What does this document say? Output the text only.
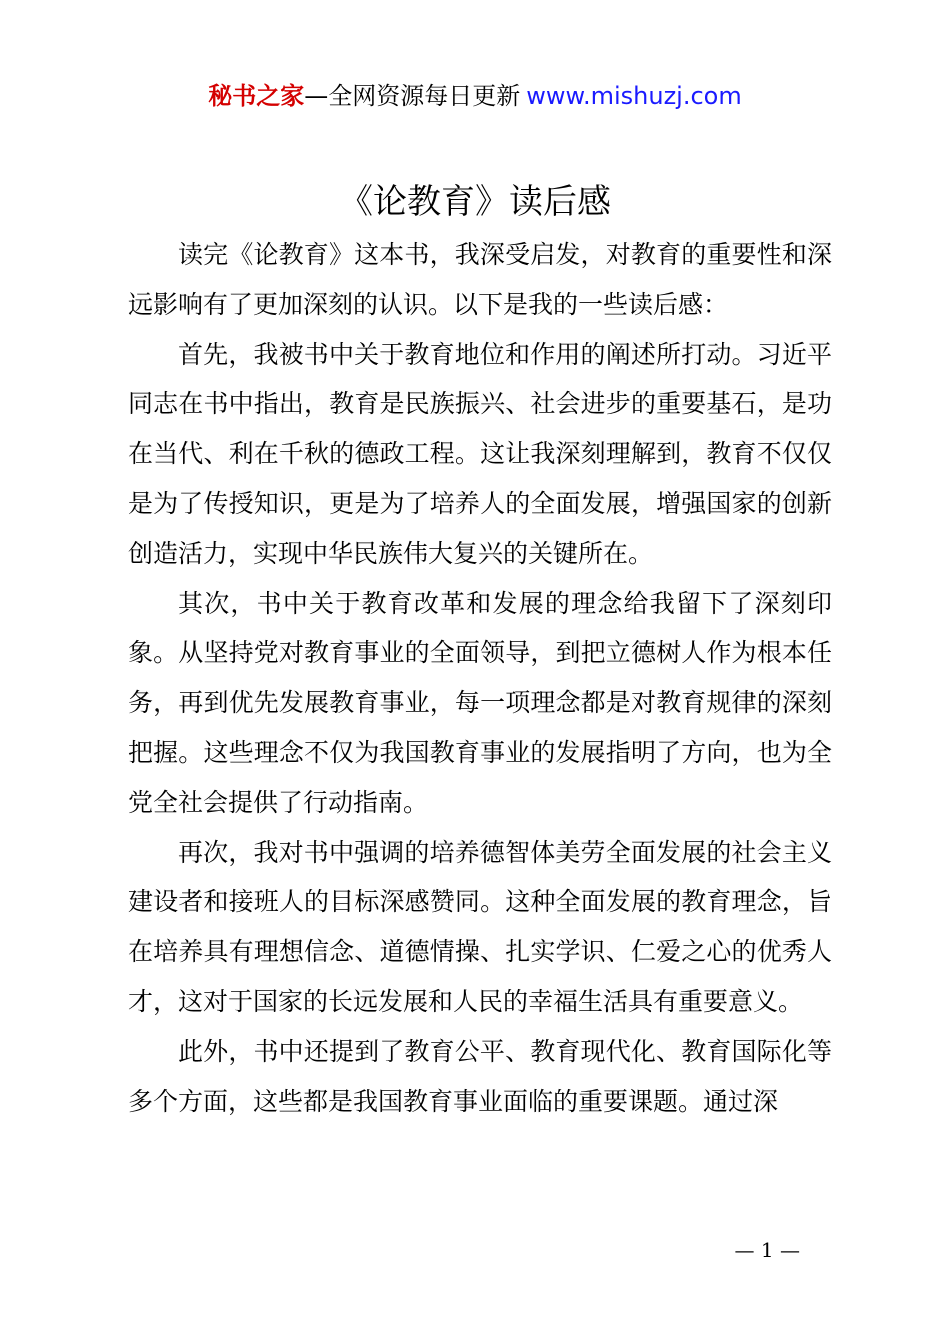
秘书之家—全网资源每日更新 www.mishuzj.com
《论教育》读后感

读完《论教育》这本书，我深受启发，对教育的重要性和深远影响有了更加深刻的认识。以下是我的一些读后感：

首先，我被书中关于教育地位和作用的阐述所打动。习近平同志在书中指出，教育是民族振兴、社会进步的重要基石，是功在当代、利在千秋的德政工程。这让我深刻理解到，教育不仅仅是为了传授知识，更是为了培养人的全面发展，增强国家的创新创造活力，实现中华民族伟大复兴的关键所在。

其次，书中关于教育改革和发展的理念给我留下了深刻印象。从坚持党对教育事业的全面领导，到把立德树人作为根本任务，再到优先发展教育事业，每一项理念都是对教育规律的深刻把握。这些理念不仅为我国教育事业的发展指明了方向，也为全党全社会提供了行动指南。

再次，我对书中强调的培养德智体美劳全面发展的社会主义建设者和接班人的目标深感赞同。这种全面发展的教育理念，旨在培养具有理想信念、道德情操、扎实学识、仁爱之心的优秀人才，这对于国家的长远发展和人民的幸福生活具有重要意义。

此外，书中还提到了教育公平、教育现代化、教育国际化等多个方面，这些都是我国教育事业面临的重要课题。通过深

— 1 —
